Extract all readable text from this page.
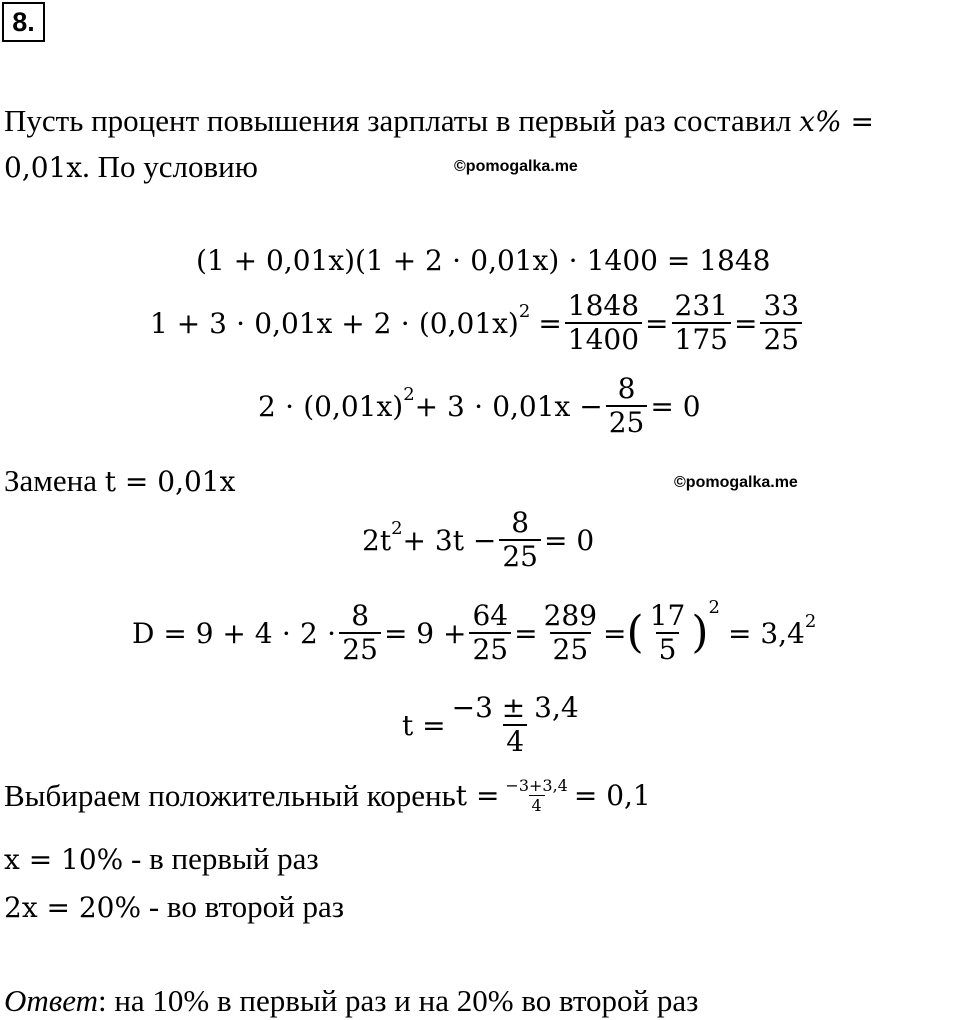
8.
Пусть процент повышения зарплаты в первый раз составил x% =
0,01x. По условию	©pomogalka.me
(1 + 0,01x)(1 + 2 ⋅ 0,01x) ⋅ 1400 = 1848
1 + 3 ⋅ 0,01x + 2 ⋅ (0,01x) $2 = \frac{1848}{1400} = \frac{231}{175} = \frac{33}{25}$
2 ⋅ (0,01x) $2 + 3 \cdot 0,01x - \frac{8}{25} = 0$
Замена t = 0,01x	©pomogalka.me
2t $2 + 3t - \frac{8}{25} = 0$
$D = 9 + 4 \cdot 2 \cdot \frac{8}{25} = 9 + \frac{64}{25} = \frac{289}{25}$ = ( $\frac{17}{5}$ ) 2
= 3,4 2
$t = \frac{-3 \pm 3,4}{4}$
Выбираем положительный корень $t = \frac{-3+3,4}{4} = 0,1$
x = 10% - в первый раз
2x = 20% - во второй раз
Ответ: на 10% в первый раз и на 20% во второй раз
